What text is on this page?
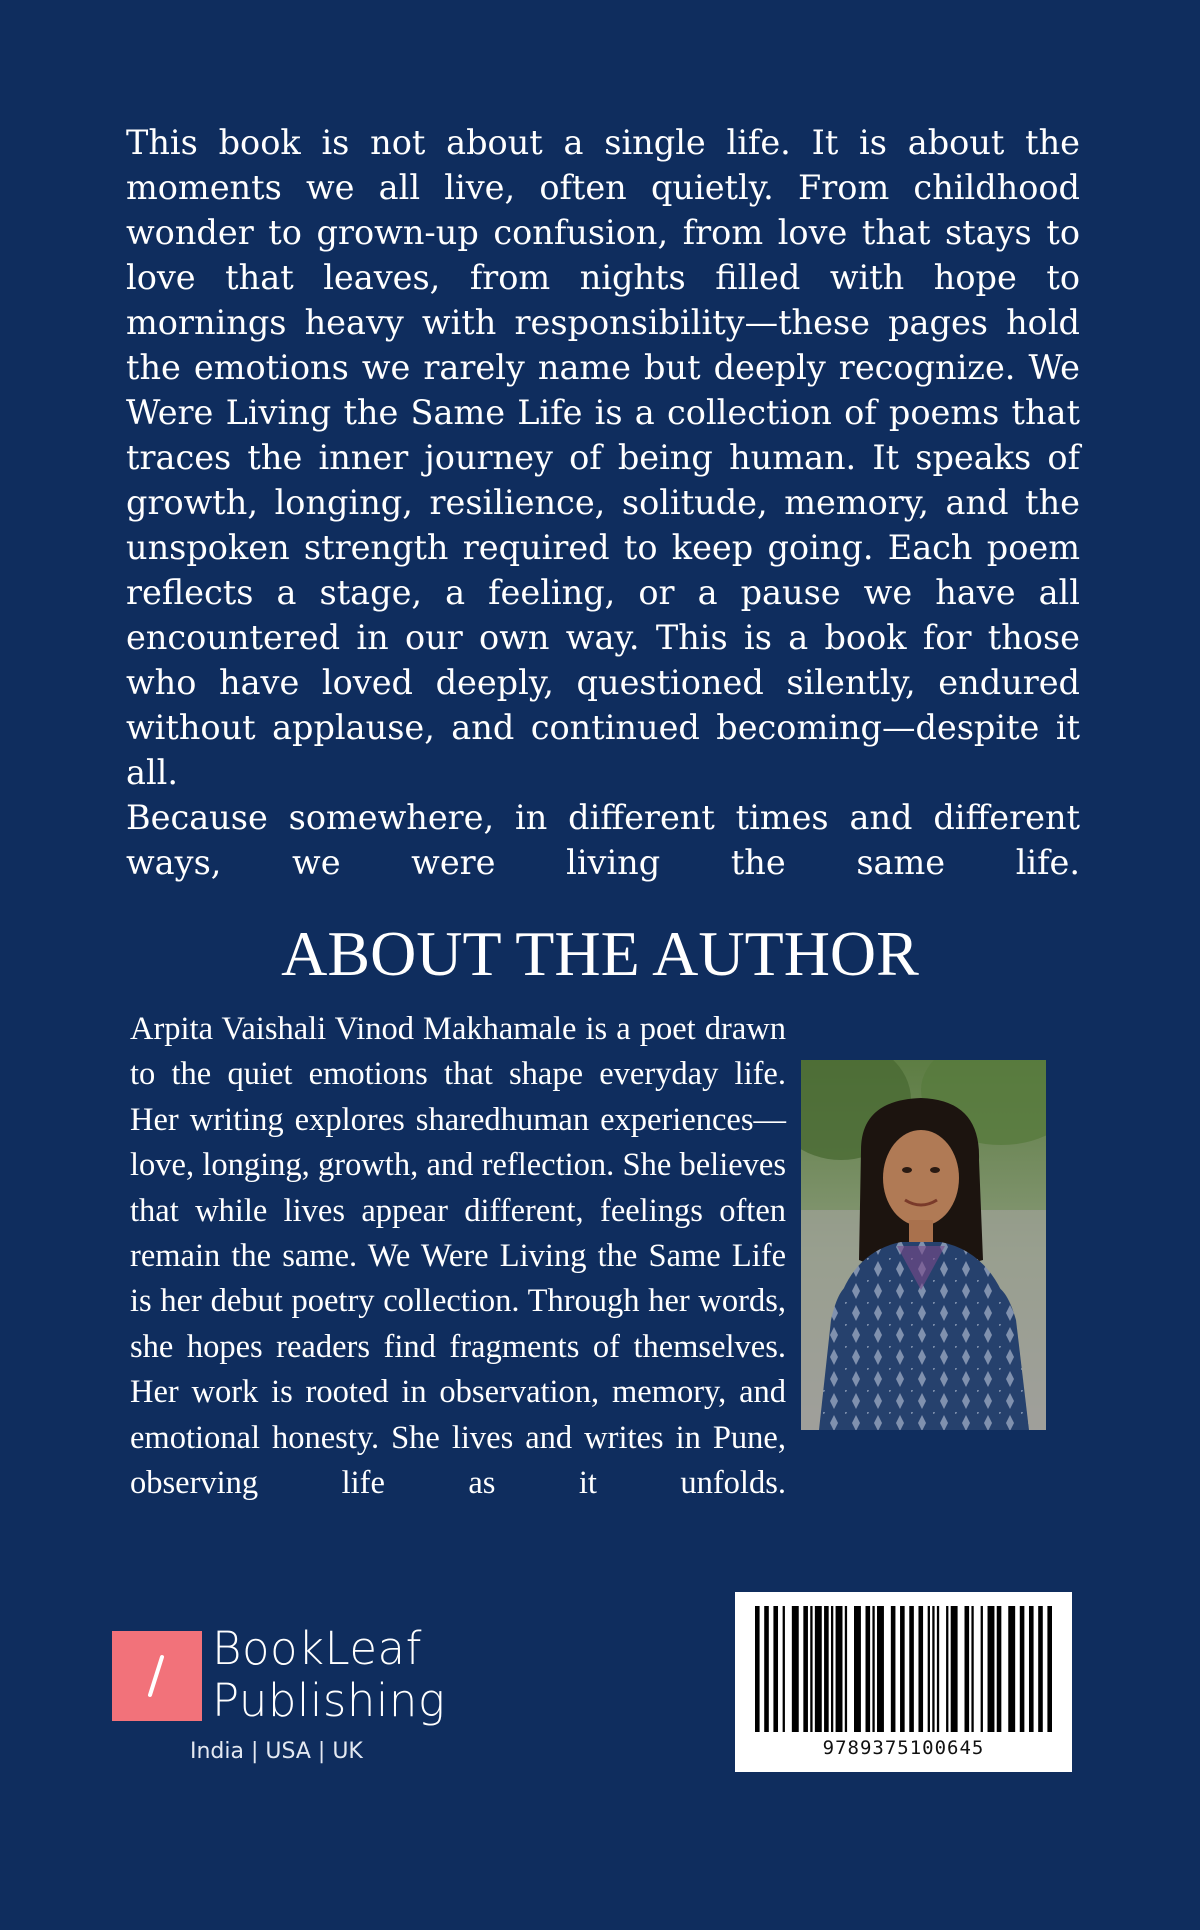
This book is not about a single life. It is about the moments we all live, often quietly. From childhood wonder to grown-up confusion, from love that stays to love that leaves, from nights filled with hope to mornings heavy with responsibility—these pages hold the emotions we rarely name but deeply recognize. We Were Living the Same Life is a collection of poems that traces the inner journey of being human. It speaks of growth, longing, resilience, solitude, memory, and the unspoken strength required to keep going. Each poem reflects a stage, a feeling, or a pause we have all encountered in our own way. This is a book for those who have loved deeply, questioned silently, endured without applause, and continued becoming—despite it all.

Because somewhere, in different times and different ways, we were living the same life.

ABOUT THE AUTHOR

Arpita Vaishali Vinod Makhamale is a poet drawn to the quiet emotions that shape everyday life. Her writing explores sharedhuman experiences—love, longing, growth, and reflection. She believes that while lives appear different, feelings often remain the same. We Were Living the Same Life is her debut poetry collection. Through her words, she hopes readers find fragments of themselves. Her work is rooted in observation, memory, and emotional honesty. She lives and writes in Pune, observing life as it unfolds.

BookLeaf
Publishing
India | USA | UK	9789375100645
